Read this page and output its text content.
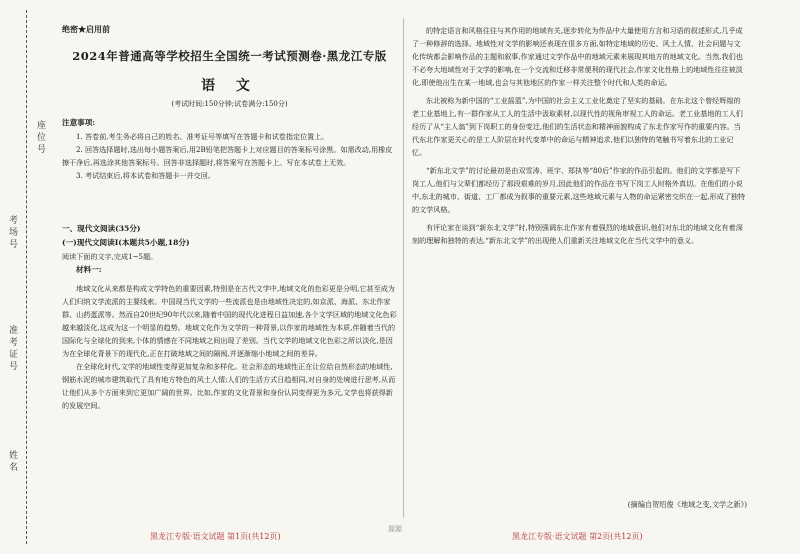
座位号
考场号
准考证号
姓名
绝密★启用前
2024年普通高等学校招生全国统一考试预测卷·黑龙江专版
语 文
(考试时间:150分钟;试卷满分:150分)

注意事项:

1. 答卷前,考生务必将自己的姓名、准考证号等填写在答题卡和试卷指定位置上。

2. 回答选择题时,选出每小题答案后,用2B铅笔把答题卡上对应题目的答案标号涂黑。如需改动,用橡皮擦干净后,再选涂其他答案标号。回答非选择题时,将答案写在答题卡上。写在本试卷上无效。

3. 考试结束后,将本试卷和答题卡一并交回。

一、现代文阅读(35分)

(一)现代文阅读Ⅰ(本题共5小题,18分)

阅读下面的文字,完成1~5题。

材料一:

地域文化从来都是构成文学特色的重要因素,特别是在古代文学中,地域文化的色彩更是分明,它甚至成为人们归纳文学流派的主要线索。中国现当代文学的一些流派也是由地域性决定的,如京派、海派、东北作家群、山药蛋派等。然而自20世纪90年代以来,随着中国的现代化进程日益加速,各个文学区域的地域文化色彩越来越淡化,这成为这一个明显的趋势。地域文化作为文学的一种背景,以作家的地域性为本质,伴随着当代的国际化与全球化的到来,个体的情感在不同地域之间出现了差别。当代文学的地域文化色彩之所以淡化,是因为在全球化背景下的现代化,正在打破地域之间的隔阂,并逐渐缩小地域之间的差异。

在全球化时代,文学的地域性变得更加复杂和多样化。社会形态的地域性正在让位给自然形态的地域性,钢筋水泥的城市建筑取代了具有地方特色的风土人情;人们的生活方式日趋相同,对自身的处境进行思考,从而让他们从多个方面来到它更加广阔的世界。比如,作家的文化背景和身份认同变得更为多元,文学也将获得新的发展空间。

黑龙江专版·语文试题 第1页(共12页)
渥源

的特定语言和风格往往与其作用的地域有关,逐步转化为作品中大量使用方言和习语的叙述形式,几乎成了一种修辞的选择。地域性对文学的影响还表现在很多方面,如特定地域的历史、风土人情、社会问题与文化传统都会影响作品的主题和叙事,作家通过文学作品中的地域元素来展现其地方的地域文化。当然,我们也不必夸大地域性对于文学的影响,在一个交流和迁移非常便利的现代社会,作家文化性格上的地域性往往被淡化,即使他出生在某一地域,也会与其他地区的作家一样关注整个时代和人类的命运。

东北被称为新中国的“工业摇篮”,为中国的社会主义工业化奠定了坚实的基础。在东北这个曾经辉煌的老工业基地上,有一群作家从工人的生活中汲取素材,以现代性的视角审视工人的命运。老工业基地的工人们经历了从“主人翁”到下岗职工的身份变迁,他们的生活状态和精神面貌构成了东北作家写作的重要内容。当代东北作家更关心的是工人阶层在时代变革中的命运与精神追求,他们以独特的笔触书写着东北的工业记忆。

“新东北文学”的讨论最初是由双雪涛、班宇、郑执等“80后”作家的作品引起的。他们的文学都是写下岗工人,他们与父辈们都经历了那段艰难的岁月,因此他们的作品在书写下岗工人时格外真切。在他们的小说中,东北的城市、街道、工厂都成为叙事的重要元素,这些地域元素与人物的命运紧密交织在一起,形成了独特的文学风格。

有评论家在谈到“新东北文学”时,特别强调东北作家有着强烈的地域意识,他们对东北的地域文化有着深刻的理解和独特的表达,“新东北文学”的出现使人们重新关注地域文化在当代文学中的意义。

(摘编自贺绍俊《地域之变,文学之新》)
黑龙江专版·语文试题 第2页(共12页)
